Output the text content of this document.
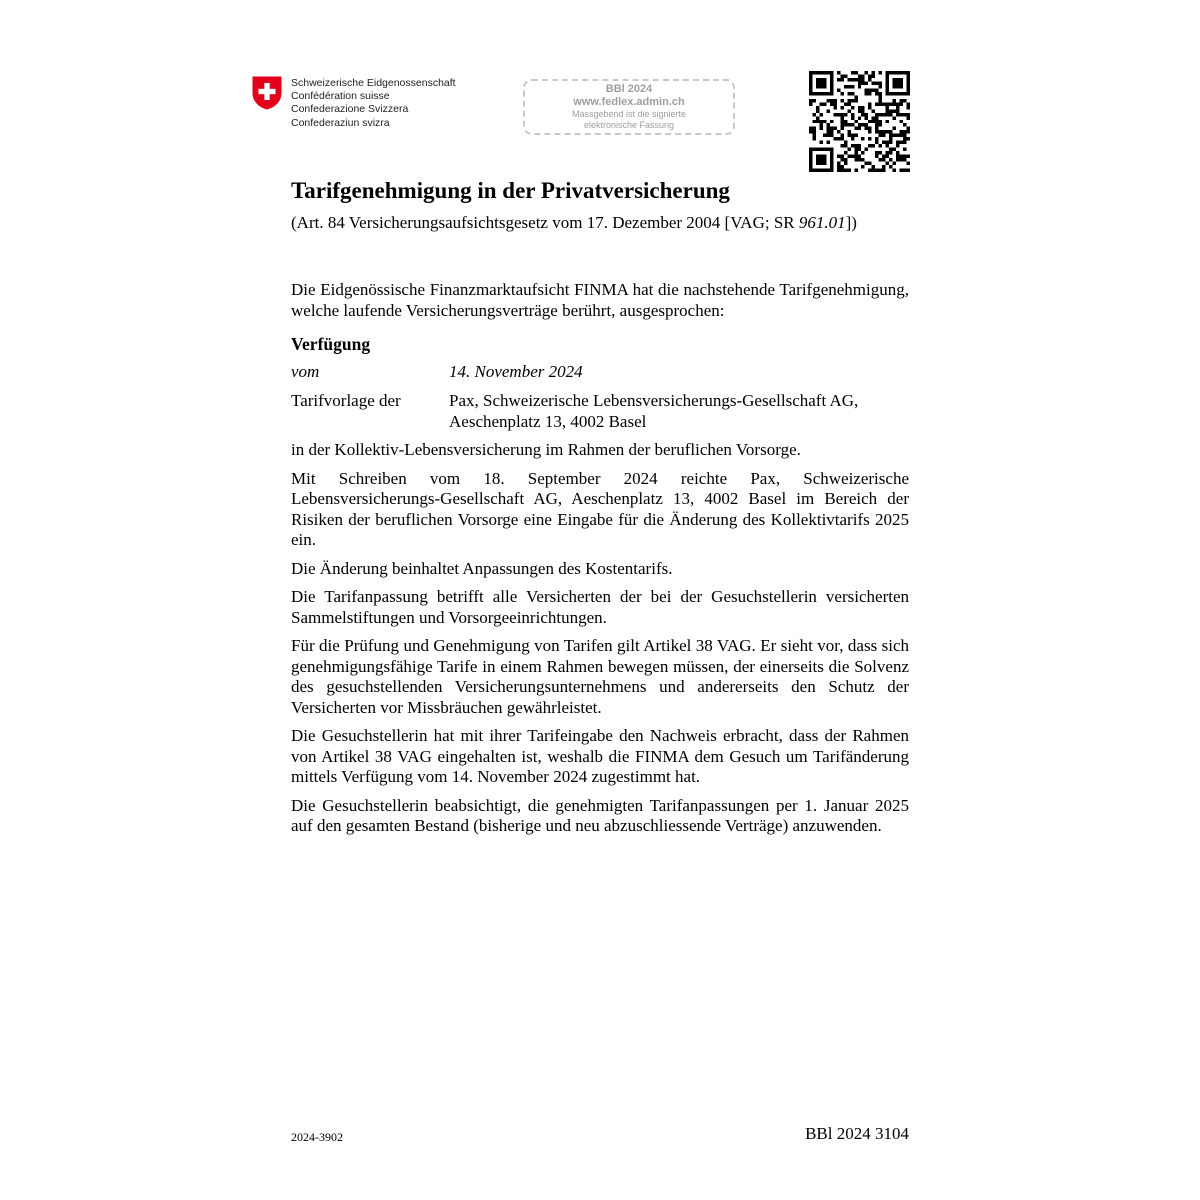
Schweizerische Eidgenossenschaft
Confédération suisse
Confederazione Svizzera
Confederaziun svizra
BBl 2024
www.fedlex.admin.ch
Massgebend ist die signierte
elektronische Fassung
Tarifgenehmigung in der Privatversicherung

(Art. 84 Versicherungsaufsichtsgesetz vom 17. Dezember 2004 [VAG; SR 961.01])

Die Eidgenössische Finanzmarktaufsicht FINMA hat die nachstehende Tarifgenehmigung, welche laufende Versicherungsverträge berührt, ausgesprochen:

Verfügung
vom	14. November 2024
Tarifvorlage der	Pax, Schweizerische Lebensversicherungs-Gesellschaft AG, Aeschenplatz 13, 4002 Basel

in der Kollektiv-Lebensversicherung im Rahmen der beruflichen Vorsorge.

Mit Schreiben vom 18. September 2024 reichte Pax, Schweizerische Lebensversicherungs-Gesellschaft AG, Aeschenplatz 13, 4002 Basel im Bereich der Risiken der beruflichen Vorsorge eine Eingabe für die Änderung des Kollektivtarifs 2025 ein.

Die Änderung beinhaltet Anpassungen des Kostentarifs.

Die Tarifanpassung betrifft alle Versicherten der bei der Gesuchstellerin versicherten Sammelstiftungen und Vorsorgeeinrichtungen.

Für die Prüfung und Genehmigung von Tarifen gilt Artikel 38 VAG. Er sieht vor, dass sich genehmigungsfähige Tarife in einem Rahmen bewegen müssen, der einerseits die Solvenz des gesuchstellenden Versicherungsunternehmens und andererseits den Schutz der Versicherten vor Missbräuchen gewährleistet.

Die Gesuchstellerin hat mit ihrer Tarifeingabe den Nachweis erbracht, dass der Rahmen von Artikel 38 VAG eingehalten ist, weshalb die FINMA dem Gesuch um Tarifänderung mittels Verfügung vom 14. November 2024 zugestimmt hat.

Die Gesuchstellerin beabsichtigt, die genehmigten Tarifanpassungen per 1. Januar 2025 auf den gesamten Bestand (bisherige und neu abzuschliessende Verträge) anzuwenden.

2024-3902	BBl 2024 3104
